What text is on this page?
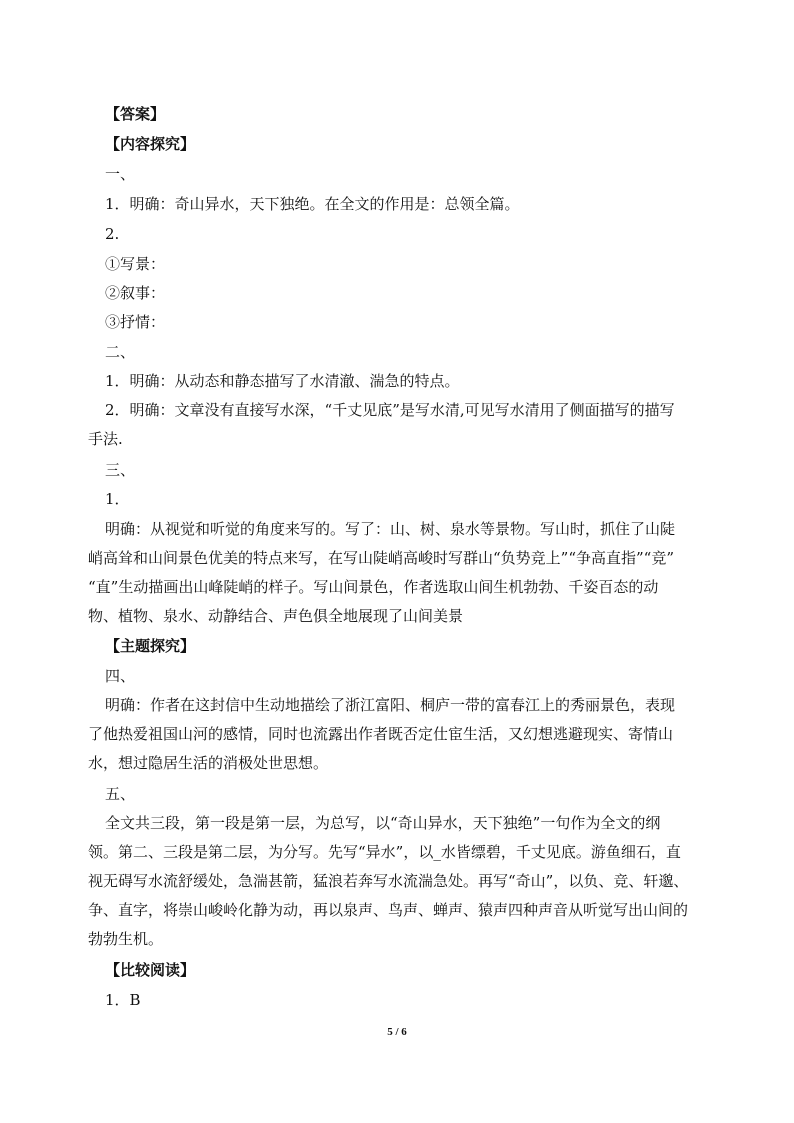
【答案】
【内容探究】
一、
1．明确：奇山异水，天下独绝。在全文的作用是：总领全篇。
2.
①写景：
②叙事：
③抒情：
二、
1．明确：从动态和静态描写了水清澈、湍急的特点。
2．明确：文章没有直接写水深，“千丈见底”是写水清,可见写水清用了侧面描写的描写
手法.
三、
1．
明确：从视觉和听觉的角度来写的。写了：山、树、泉水等景物。写山时，抓住了山陡
峭高耸和山间景色优美的特点来写，在写山陡峭高峻时写群山“负势竞上”“争高直指”“竞”
“直”生动描画出山峰陡峭的样子。写山间景色，作者选取山间生机勃勃、千姿百态的动
物、植物、泉水、动静结合、声色俱全地展现了山间美景
【主题探究】
四、
明确：作者在这封信中生动地描绘了浙江富阳、桐庐一带的富春江上的秀丽景色，表现
了他热爱祖国山河的感情，同时也流露出作者既否定仕宦生活，又幻想逃避现实、寄情山
水，想过隐居生活的消极处世思想。
五、
全文共三段，第一段是第一层，为总写，以“奇山异水，天下独绝”一句作为全文的纲
领。第二、三段是第二层，为分写。先写“异水”，以_水皆缥碧，千丈见底。游鱼细石，直
视无碍写水流舒缓处，急湍甚箭，猛浪若奔写水流湍急处。再写“奇山”，以负、竞、轩邈、
争、直字，将崇山峻岭化静为动，再以泉声、鸟声、蝉声、猿声四种声音从听觉写出山间的
勃勃生机。
【比较阅读】
1．B
5 / 6
